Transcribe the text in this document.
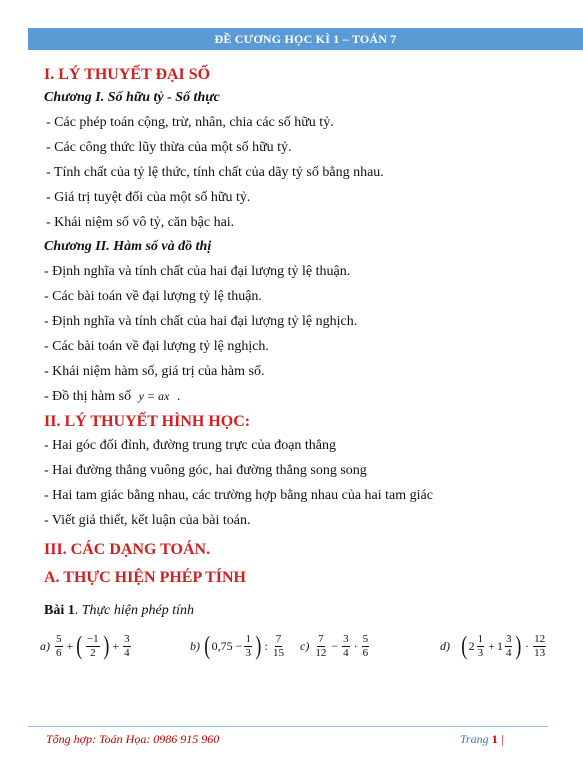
ĐỀ CƯƠNG HỌC KÌ 1 – TOÁN 7

I. LÝ THUYẾT ĐẠI SỐ

Chương I. Số hữu tỷ - Số thực

- Các phép toán cộng, trừ, nhân, chia các số hữu tỷ.

- Các công thức lũy thừa của một số hữu tỷ.

- Tính chất của tỷ lệ thức, tính chất của dãy tỷ số bằng nhau.

- Giá trị tuyệt đối của một số hữu tỷ.

- Khái niệm số vô tỷ, căn bậc hai.

Chương II. Hàm số và đồ thị

- Định nghĩa và tính chất của hai đại lượng tỷ lệ thuận.

- Các bài toán về đại lượng tỷ lệ thuận.

- Định nghĩa và tính chất của hai đại lượng tỷ lệ nghịch.

- Các bài toán về đại lượng tỷ lệ nghịch.

- Khái niệm hàm số, giá trị của hàm số.

- Đồ thị hàm số y = ax .

II. LÝ THUYẾT HÌNH HỌC:

- Hai góc đối đỉnh, đường trung trực của đoạn thẳng

- Hai đường thẳng vuông góc, hai đường thẳng song song

- Hai tam giác bằng nhau, các trường hợp bằng nhau của hai tam giác

- Viết giả thiết, kết luận của bài toán.

III. CÁC DẠNG TOÁN.

A. THỰC HIỆN PHÉP TÍNH

Bài 1. Thực hiện phép tính
$a) \frac{5}{6}$ + ( $\frac{-1}{2}$ ) + $\frac{3}{4}$	b) ( $0,75 - \frac{1}{3}$ ) : $\frac{7}{15} c) \frac{7}{12} - \frac{3}{4} \cdot \frac{5}{6}$	d) ( $2 \frac{1}{3} + 1 \frac{3}{4}$ ) · $\frac{12}{13}$
Tổng hợp: Toán Họa: 0986 915 960	Trang 1 |
